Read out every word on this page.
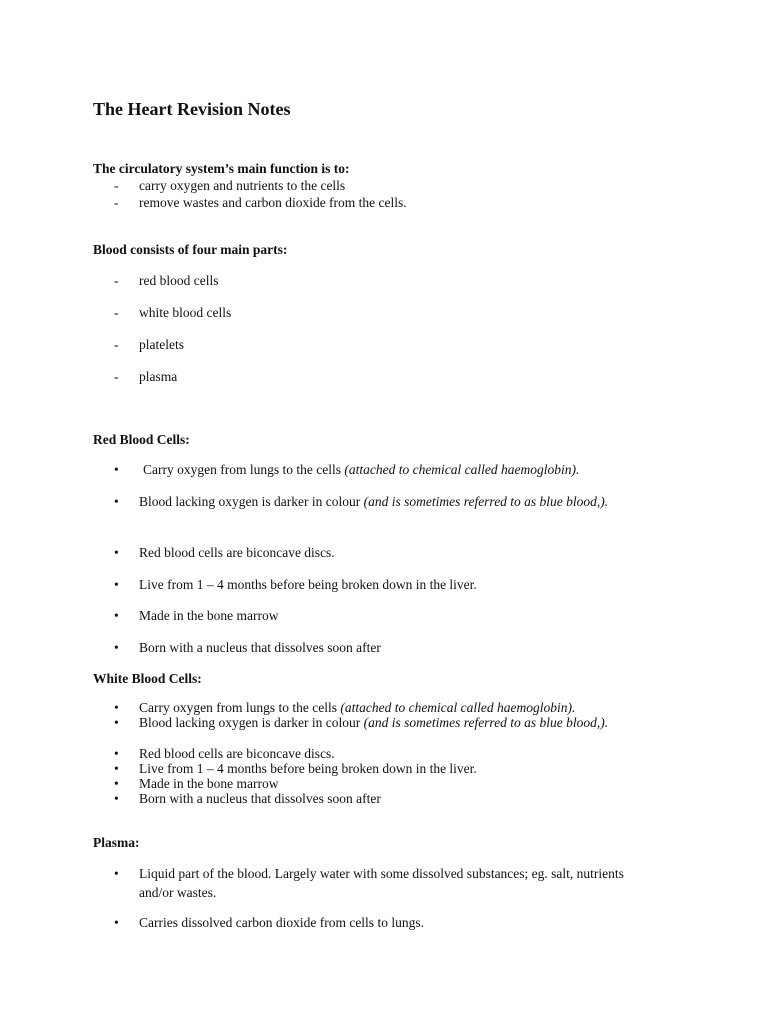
The Heart Revision Notes
The circulatory system’s main function is to:
- carry oxygen and nutrients to the cells
- remove wastes and carbon dioxide from the cells.
Blood consists of four main parts:
- red blood cells
- white blood cells
- platelets
- plasma
Red Blood Cells:
• Carry oxygen from lungs to the cells (attached to chemical called haemoglobin).
• Blood lacking oxygen is darker in colour (and is sometimes referred to as blue blood,).
• Red blood cells are biconcave discs.
• Live from 1 – 4 months before being broken down in the liver.
• Made in the bone marrow
• Born with a nucleus that dissolves soon after
White Blood Cells:
• Carry oxygen from lungs to the cells (attached to chemical called haemoglobin).
• Blood lacking oxygen is darker in colour (and is sometimes referred to as blue blood,).
• Red blood cells are biconcave discs.
• Live from 1 – 4 months before being broken down in the liver.
• Made in the bone marrow
• Born with a nucleus that dissolves soon after
Plasma:
• Liquid part of the blood. Largely water with some dissolved substances; eg. salt, nutrients and/or wastes.
• Carries dissolved carbon dioxide from cells to lungs.
